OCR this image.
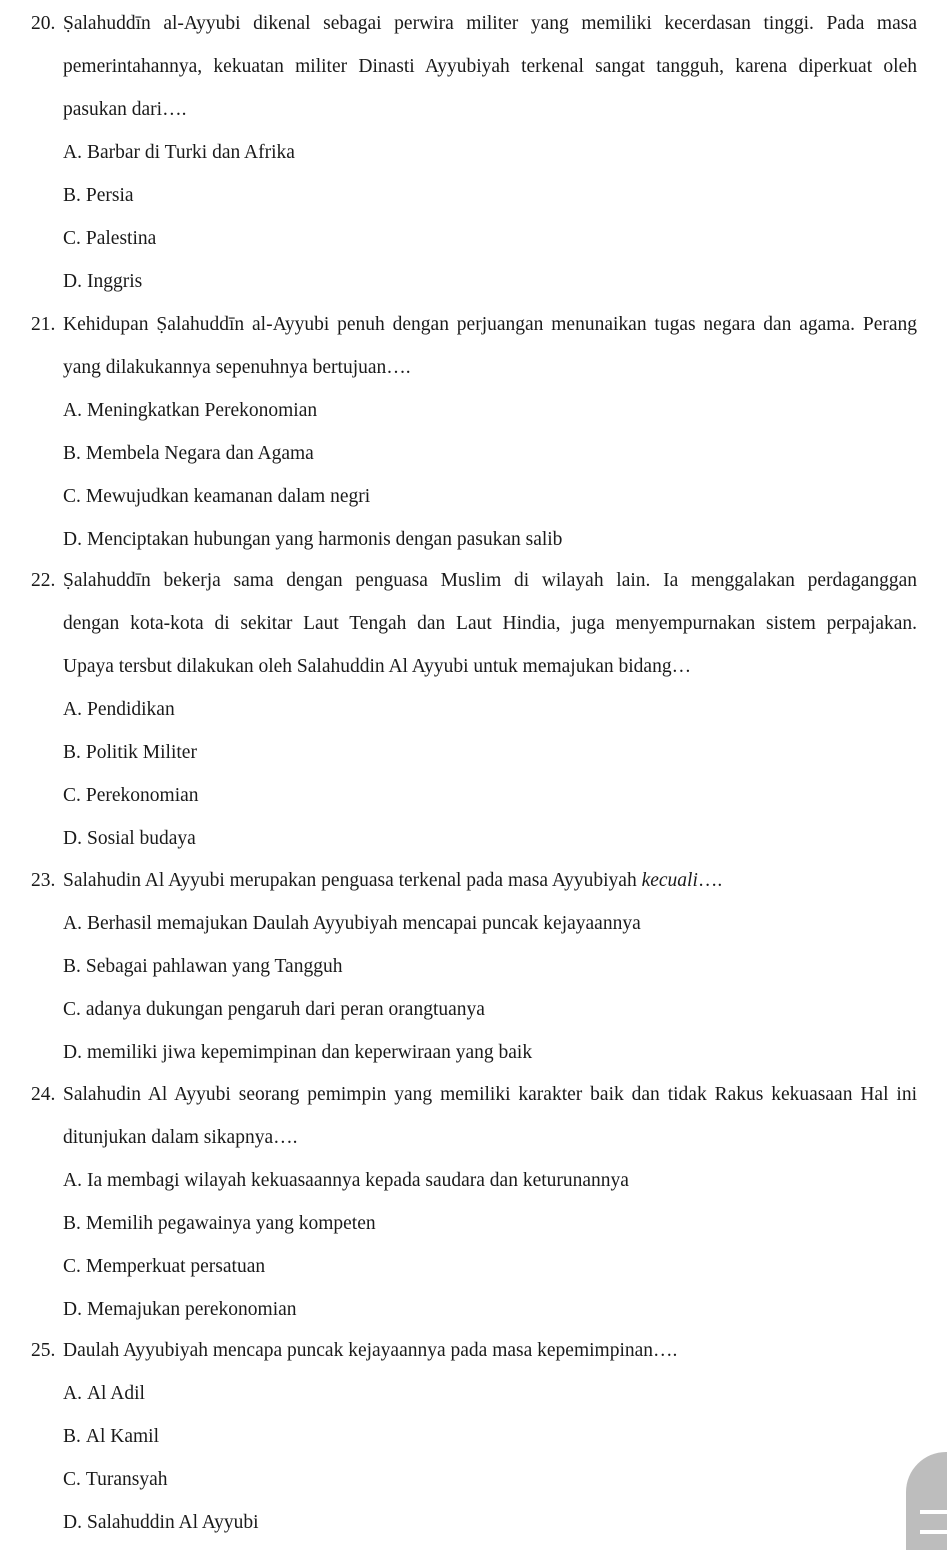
20. Ṣalahuddīn al-Ayyubi dikenal sebagai perwira militer yang memiliki kecerdasan tinggi. Pada masa
pemerintahannya, kekuatan militer Dinasti Ayyubiyah terkenal sangat tangguh, karena diperkuat oleh
pasukan dari….
A. Barbar di Turki dan Afrika
B. Persia
C. Palestina
D. Inggris
21. Kehidupan Ṣalahuddīn al-Ayyubi penuh dengan perjuangan menunaikan tugas negara dan agama. Perang
yang dilakukannya sepenuhnya bertujuan….
A. Meningkatkan Perekonomian
B. Membela Negara dan Agama
C. Mewujudkan keamanan dalam negri
D. Menciptakan hubungan yang harmonis dengan pasukan salib
22. Ṣalahuddīn bekerja sama dengan penguasa Muslim di wilayah lain. Ia menggalakan perdaganggan
dengan kota-kota di sekitar Laut Tengah dan Laut Hindia, juga menyempurnakan sistem perpajakan.
Upaya tersbut dilakukan oleh Salahuddin Al Ayyubi untuk memajukan bidang…
A. Pendidikan
B. Politik Militer
C. Perekonomian
D. Sosial budaya
23. Salahudin Al Ayyubi merupakan penguasa terkenal pada masa Ayyubiyah kecuali….
A. Berhasil memajukan Daulah Ayyubiyah mencapai puncak kejayaannya
B. Sebagai pahlawan yang Tangguh
C. adanya dukungan pengaruh dari peran orangtuanya
D. memiliki jiwa kepemimpinan dan keperwiraan yang baik
24. Salahudin Al Ayyubi seorang pemimpin yang memiliki karakter baik dan tidak Rakus kekuasaan Hal ini
ditunjukan dalam sikapnya….
A. Ia membagi wilayah kekuasaannya kepada saudara dan keturunannya
B. Memilih pegawainya yang kompeten
C. Memperkuat persatuan
D. Memajukan perekonomian
25. Daulah Ayyubiyah mencapa puncak kejayaannya pada masa kepemimpinan….
A. Al Adil
B. Al Kamil
C. Turansyah
D. Salahuddin Al Ayyubi
